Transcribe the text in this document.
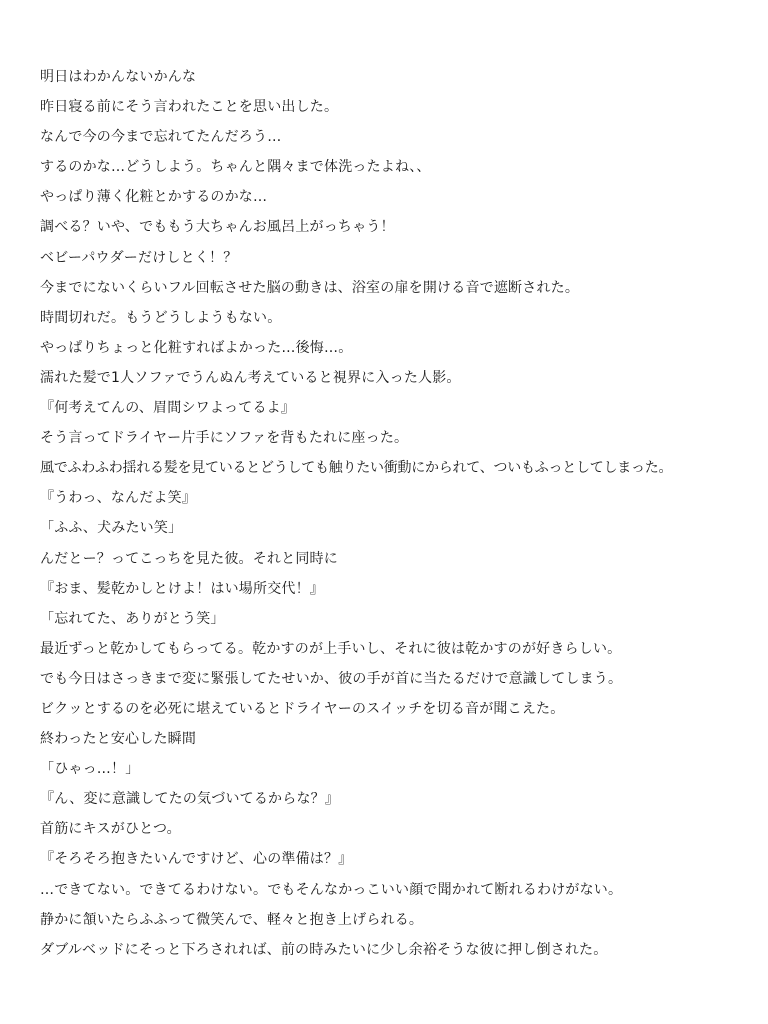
明日はわかんないかんな
昨日寝る前にそう言われたことを思い出した。
なんで今の今まで忘れてたんだろう…
するのかな…どうしよう。ちゃんと隅々まで体洗ったよね、、
やっぱり薄く化粧とかするのかな…
調べる？いや、でももう大ちゃんお風呂上がっちゃう！
ベビーパウダーだけしとく！？
今までにないくらいフル回転させた脳の動きは、浴室の扉を開ける音で遮断された。
時間切れだ。もうどうしようもない。
やっぱりちょっと化粧すればよかった…後悔…。
濡れた髪で1人ソファでうんぬん考えていると視界に入った人影。
『何考えてんの、眉間シワよってるよ』
そう言ってドライヤー片手にソファを背もたれに座った。
風でふわふわ揺れる髪を見ているとどうしても触りたい衝動にかられて、ついもふっとしてしまった。
『うわっ、なんだよ笑』
「ふふ、犬みたい笑」
んだとー？ってこっちを見た彼。それと同時に
『おま、髪乾かしとけよ！はい場所交代！』
「忘れてた、ありがとう笑」
最近ずっと乾かしてもらってる。乾かすのが上手いし、それに彼は乾かすのが好きらしい。
でも今日はさっきまで変に緊張してたせいか、彼の手が首に当たるだけで意識してしまう。
ビクッとするのを必死に堪えているとドライヤーのスイッチを切る音が聞こえた。
終わったと安心した瞬間
「ひゃっ…！」
『ん、変に意識してたの気づいてるからな？』
首筋にキスがひとつ。
『そろそろ抱きたいんですけど、心の準備は？』
…できてない。できてるわけない。でもそんなかっこいい顔で聞かれて断れるわけがない。
静かに頷いたらふふって微笑んで、軽々と抱き上げられる。
ダブルベッドにそっと下ろされれば、前の時みたいに少し余裕そうな彼に押し倒された。
